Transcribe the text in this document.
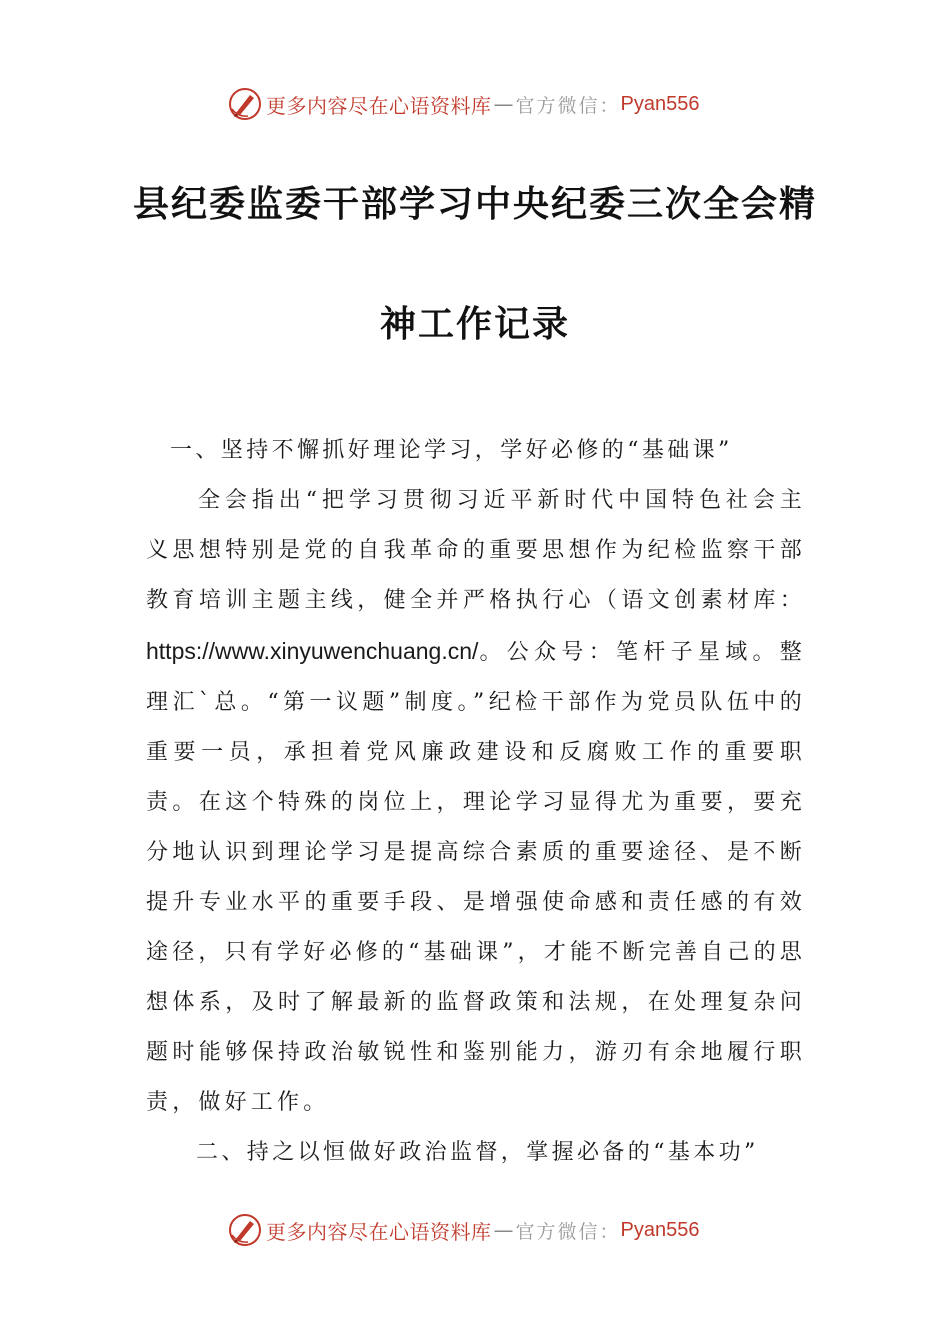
更多内容尽在心语资料库 — 官方微信： Pyan556
县纪委监委干部学习中央纪委三次全会精
神工作记录

一、坚持不懈抓好理论学习，学好必修的“基础课”

全会指出“把学习贯彻习近平新时代中国特色社会主义思想特别是党的自我革命的重要思想作为纪检监察干部教育培训主题主线，健全并严格执行心（语文创素材库：https://www.xinyuwenchuang.cn/。公众号：笔杆子星域。整理汇`总。“第一议题”制度。”纪检干部作为党员队伍中的重要一员，承担着党风廉政建设和反腐败工作的重要职责。在这个特殊的岗位上，理论学习显得尤为重要，要充分地认识到理论学习是提高综合素质的重要途径、是不断提升专业水平的重要手段、是增强使命感和责任感的有效途径，只有学好必修的“基础课”，才能不断完善自己的思想体系，及时了解最新的监督政策和法规，在处理复杂问题时能够保持政治敏锐性和鉴别能力，游刃有余地履行职责，做好工作。

二、持之以恒做好政治监督，掌握必备的“基本功”

更多内容尽在心语资料库 — 官方微信： Pyan556
